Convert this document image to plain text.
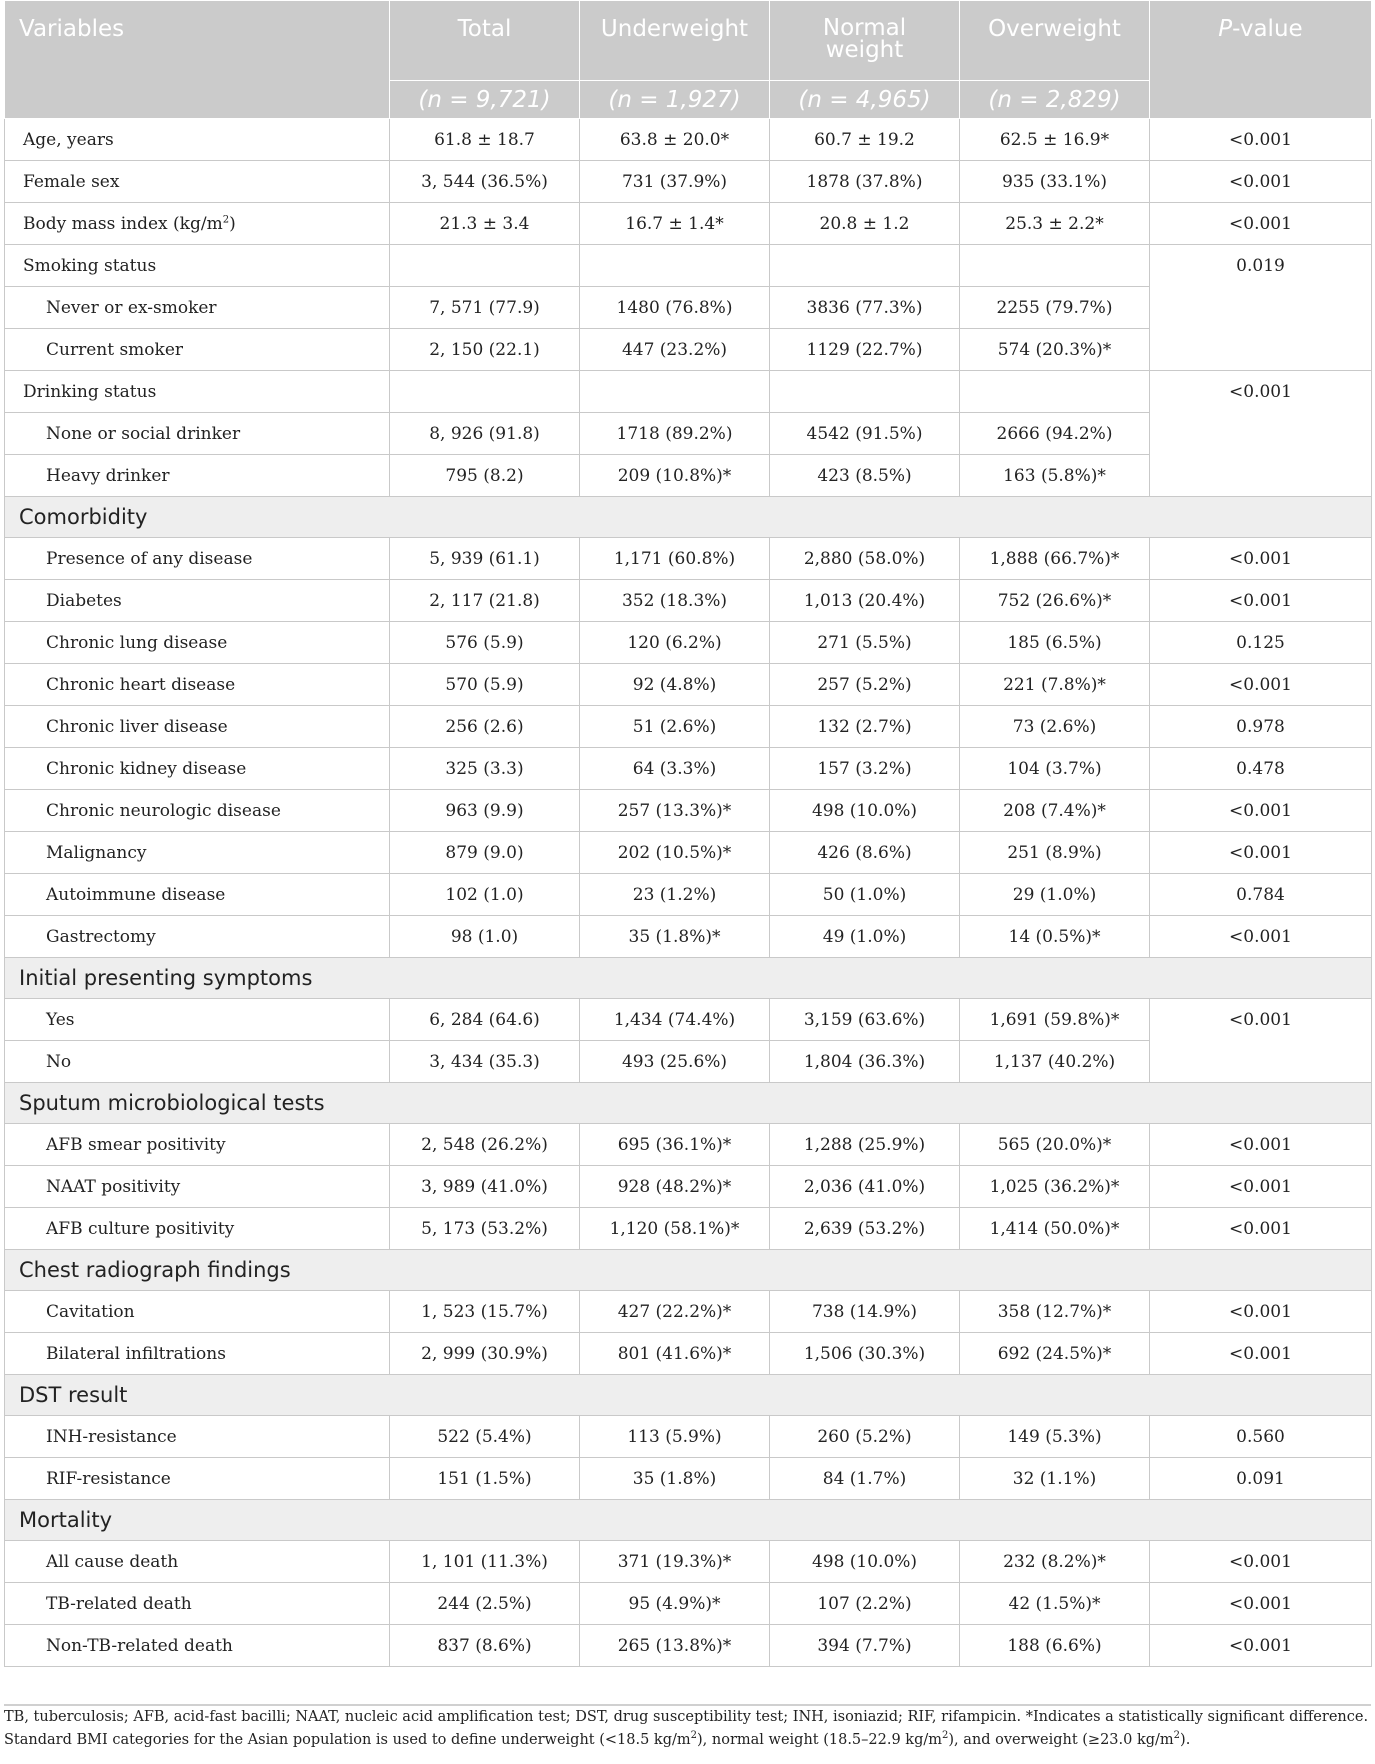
Variables	Total	Underweight	Normal weight	Overweight	P-value
	(n = 9,721)	(n = 1,927)	(n = 4,965)	(n = 2,829)	
Age, years	61.8 ± 18.7	63.8 ± 20.0*	60.7 ± 19.2	62.5 ± 16.9*	<0.001
Female sex	3, 544 (36.5%)	731 (37.9%)	1878 (37.8%)	935 (33.1%)	<0.001
Body mass index $(kg/m^2)$	21.3 ± 3.4	16.7 ± 1.4*	20.8 ± 1.2	25.3 ± 2.2*	<0.001
Smoking status					0.019
Never or ex-smoker	7, 571 (77.9)	1480 (76.8%)	3836 (77.3%)	2255 (79.7%)	
Current smoker	2, 150 (22.1)	447 (23.2%)	1129 (22.7%)	574 (20.3%)*	
Drinking status					<0.001
None or social drinker	8, 926 (91.8)	1718 (89.2%)	4542 (91.5%)	2666 (94.2%)	
Heavy drinker	795 (8.2)	209 (10.8%)*	423 (8.5%)	163 (5.8%)*	
Comorbidity					
Presence of any disease	5, 939 (61.1)	1,171 (60.8%)	2,880 (58.0%)	1,888 (66.7%)*	<0.001
Diabetes	2, 117 (21.8)	352 (18.3%)	1,013 (20.4%)	752 (26.6%)*	<0.001
Chronic lung disease	576 (5.9)	120 (6.2%)	271 (5.5%)	185 (6.5%)	0.125
Chronic heart disease	570 (5.9)	92 (4.8%)	257 (5.2%)	221 (7.8%)*	<0.001
Chronic liver disease	256 (2.6)	51 (2.6%)	132 (2.7%)	73 (2.6%)	0.978
Chronic kidney disease	325 (3.3)	64 (3.3%)	157 (3.2%)	104 (3.7%)	0.478
Chronic neurologic disease	963 (9.9)	257 (13.3%)*	498 (10.0%)	208 (7.4%)*	<0.001
Malignancy	879 (9.0)	202 (10.5%)*	426 (8.6%)	251 (8.9%)	<0.001
Autoimmune disease	102 (1.0)	23 (1.2%)	50 (1.0%)	29 (1.0%)	0.784
Gastrectomy	98 (1.0)	35 (1.8%)*	49 (1.0%)	14 (0.5%)*	<0.001
Initial presenting symptoms					
Yes	6, 284 (64.6)	1,434 (74.4%)	3,159 (63.6%)	1,691 (59.8%)*	<0.001
No	3, 434 (35.3)	493 (25.6%)	1,804 (36.3%)	1,137 (40.2%)	
Sputum microbiological tests					
AFB smear positivity	2, 548 (26.2%)	695 (36.1%)*	1,288 (25.9%)	565 (20.0%)*	<0.001
NAAT positivity	3, 989 (41.0%)	928 (48.2%)*	2,036 (41.0%)	1,025 (36.2%)*	<0.001
AFB culture positivity	5, 173 (53.2%)	1,120 (58.1%)*	2,639 (53.2%)	1,414 (50.0%)*	<0.001
Chest radiograph findings					
Cavitation	1, 523 (15.7%)	427 (22.2%)*	738 (14.9%)	358 (12.7%)*	<0.001
Bilateral infiltrations	2, 999 (30.9%)	801 (41.6%)*	1,506 (30.3%)	692 (24.5%)*	<0.001
DST result					
INH-resistance	522 (5.4%)	113 (5.9%)	260 (5.2%)	149 (5.3%)	0.560
RIF-resistance	151 (1.5%)	35 (1.8%)	84 (1.7%)	32 (1.1%)	0.091
Mortality					
All cause death	1, 101 (11.3%)	371 (19.3%)*	498 (10.0%)	232 (8.2%)*	<0.001
TB-related death	244 (2.5%)	95 (4.9%)*	107 (2.2%)	42 (1.5%)*	<0.001
Non-TB-related death	837 (8.6%)	265 (13.8%)*	394 (7.7%)	188 (6.6%)	<0.001
TB, tuberculosis; AFB, acid-fast bacilli; NAAT, nucleic acid amplification test; DST, drug susceptibility test; INH, isoniazid; RIF, rifampicin. *Indicates a statistically significant difference.
Standard BMI categories for the Asian population is used to define underweight (<18.5 $kg/m^2$), normal weight (18.5–22.9 $kg/m^2$), and overweight (≥23.0 $kg/m^2$).
